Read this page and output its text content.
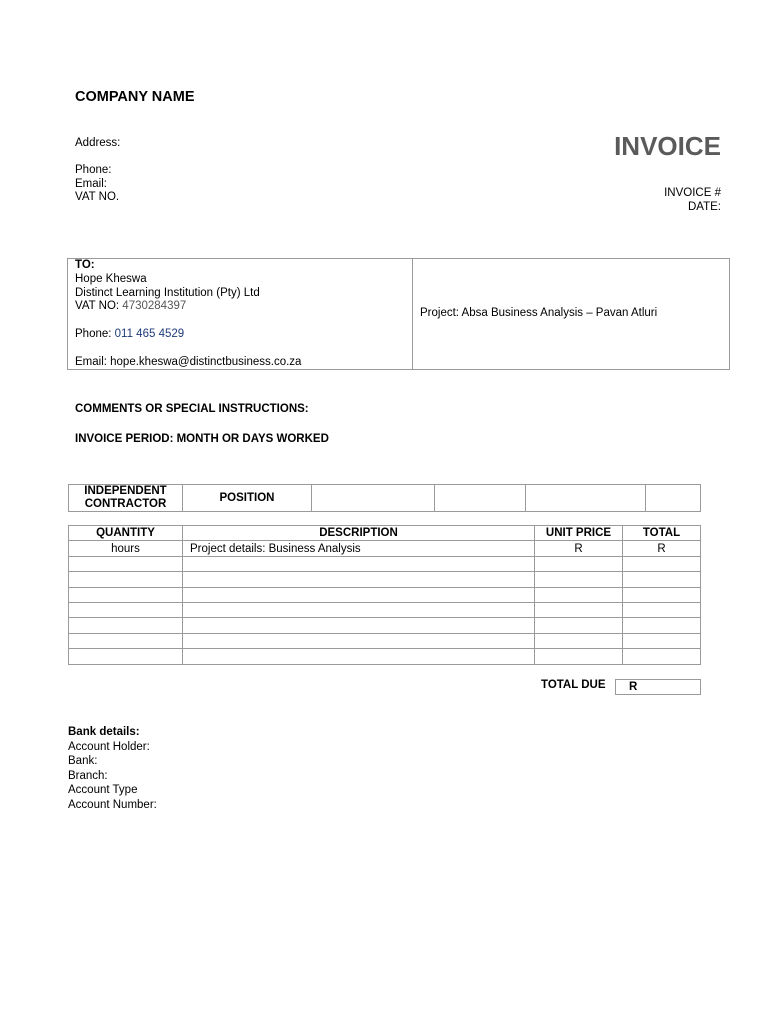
COMPANY NAME
Address:
Phone:
Email:
VAT NO.
INVOICE
INVOICE #
DATE:
TO:
Hope Kheswa
Distinct Learning Institution (Pty) Ltd
VAT NO: 4730284397
Phone: 011 465 4529
Email: hope.kheswa@distinctbusiness.co.za
	Project: Absa Business Analysis – Pavan Atluri
COMMENTS OR SPECIAL INSTRUCTIONS:
INVOICE PERIOD: MONTH OR DAYS WORKED
INDEPENDENT
CONTRACTOR
	POSITION				
QUANTITY	DESCRIPTION	UNIT PRICE	TOTAL
hours	Project details: Business Analysis	R	R

TOTAL DUE	R
Bank details:
Account Holder:
Bank:
Branch:
Account Type
Account Number:
